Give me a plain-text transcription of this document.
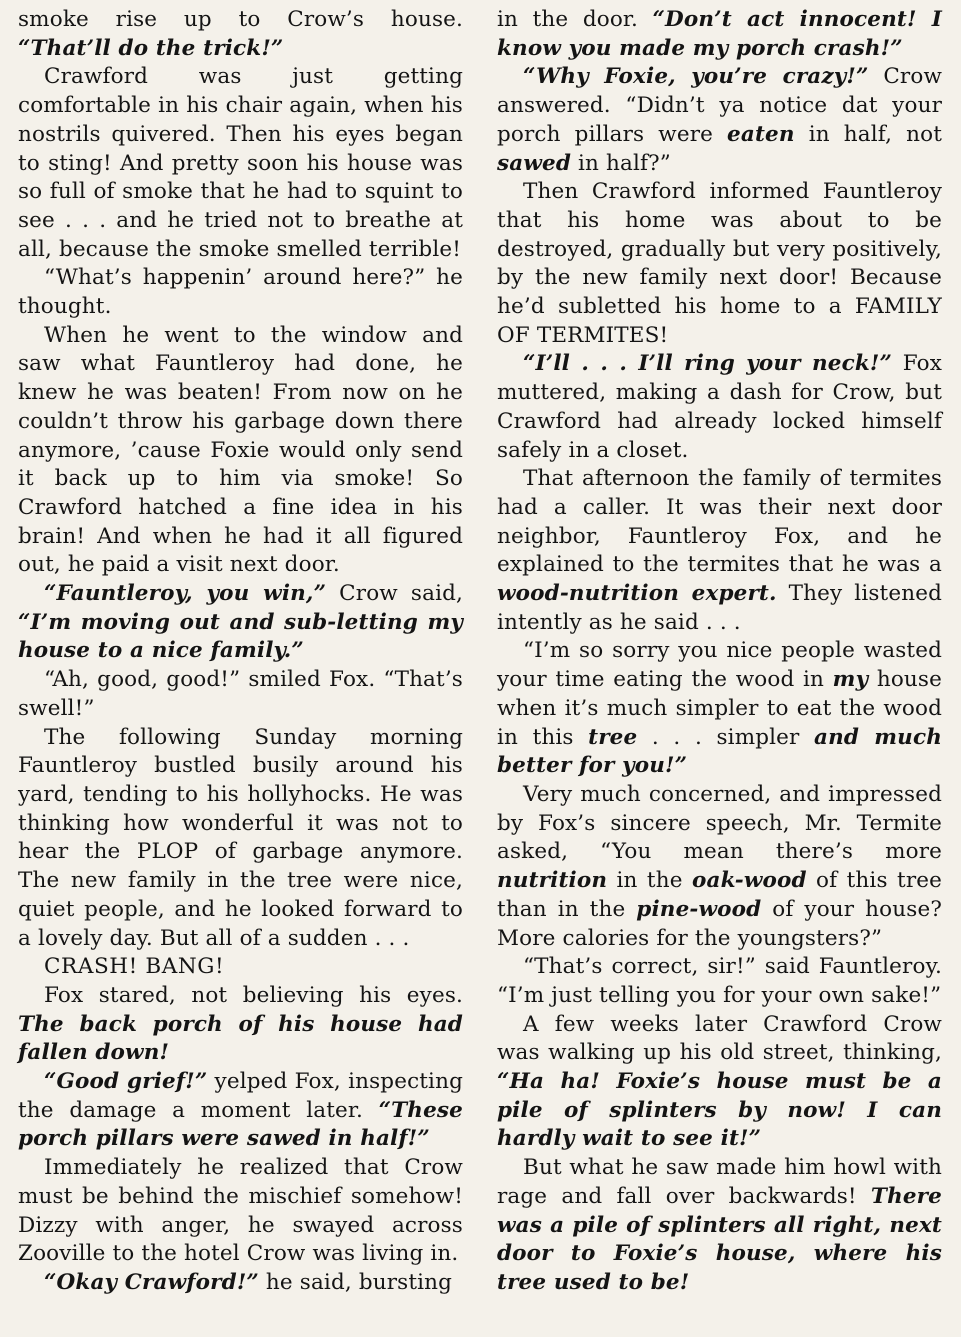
smoke rise up to Crow’s house. “That’ll do the trick!”

Crawford was just getting comfortable in his chair again, when his nostrils quivered. Then his eyes began to sting! And pretty soon his house was so full of smoke that he had to squint to see . . . and he tried not to breathe at all, because the smoke smelled terrible!

“What’s happenin’ around here?” he thought.

When he went to the window and saw what Fauntleroy had done, he knew he was beaten! From now on he couldn’t throw his garbage down there anymore, ’cause Foxie would only send it back up to him via smoke! So Crawford hatched a fine idea in his brain! And when he had it all figured out, he paid a visit next door.

“Fauntleroy, you win,” Crow said, “I’m moving out and sub-letting my house to a nice family.”

“Ah, good, good!” smiled Fox. “That’s swell!”

The following Sunday morning Fauntleroy bustled busily around his yard, tending to his hollyhocks. He was thinking how wonderful it was not to hear the PLOP of garbage anymore. The new family in the tree were nice, quiet people, and he looked forward to a lovely day. But all of a sudden . . .

CRASH! BANG!

Fox stared, not believing his eyes. The back porch of his house had fallen down!

“Good grief!” yelped Fox, inspecting the damage a moment later. “These porch pillars were sawed in half!”

Immediately he realized that Crow must be behind the mischief somehow! Dizzy with anger, he swayed across Zooville to the hotel Crow was living in.

“Okay Crawford!” he said, bursting

in the door. “Don’t act innocent! I know you made my porch crash!”

“Why Foxie, you’re crazy!” Crow answered. “Didn’t ya notice dat your porch pillars were eaten in half, not sawed in half?”

Then Crawford informed Fauntleroy that his home was about to be destroyed, gradually but very positively, by the new family next door! Because he’d subletted his home to a FAMILY OF TERMITES!

“I’ll . . . I’ll ring your neck!” Fox muttered, making a dash for Crow, but Crawford had already locked himself safely in a closet.

That afternoon the family of termites had a caller. It was their next door neighbor, Fauntleroy Fox, and he explained to the termites that he was a wood-nutrition expert. They listened intently as he said . . .

“I’m so sorry you nice people wasted your time eating the wood in my house when it’s much simpler to eat the wood in this tree . . . simpler and much better for you!”

Very much concerned, and impressed by Fox’s sincere speech, Mr. Termite asked, “You mean there’s more nutrition in the oak-wood of this tree than in the pine-wood of your house? More calories for the youngsters?”

“That’s correct, sir!” said Fauntleroy. “I’m just telling you for your own sake!”

A few weeks later Crawford Crow was walking up his old street, thinking, “Ha ha! Foxie’s house must be a pile of splinters by now! I can hardly wait to see it!”

But what he saw made him howl with rage and fall over backwards! There was a pile of splinters all right, next door to Foxie’s house, where his tree used to be!
